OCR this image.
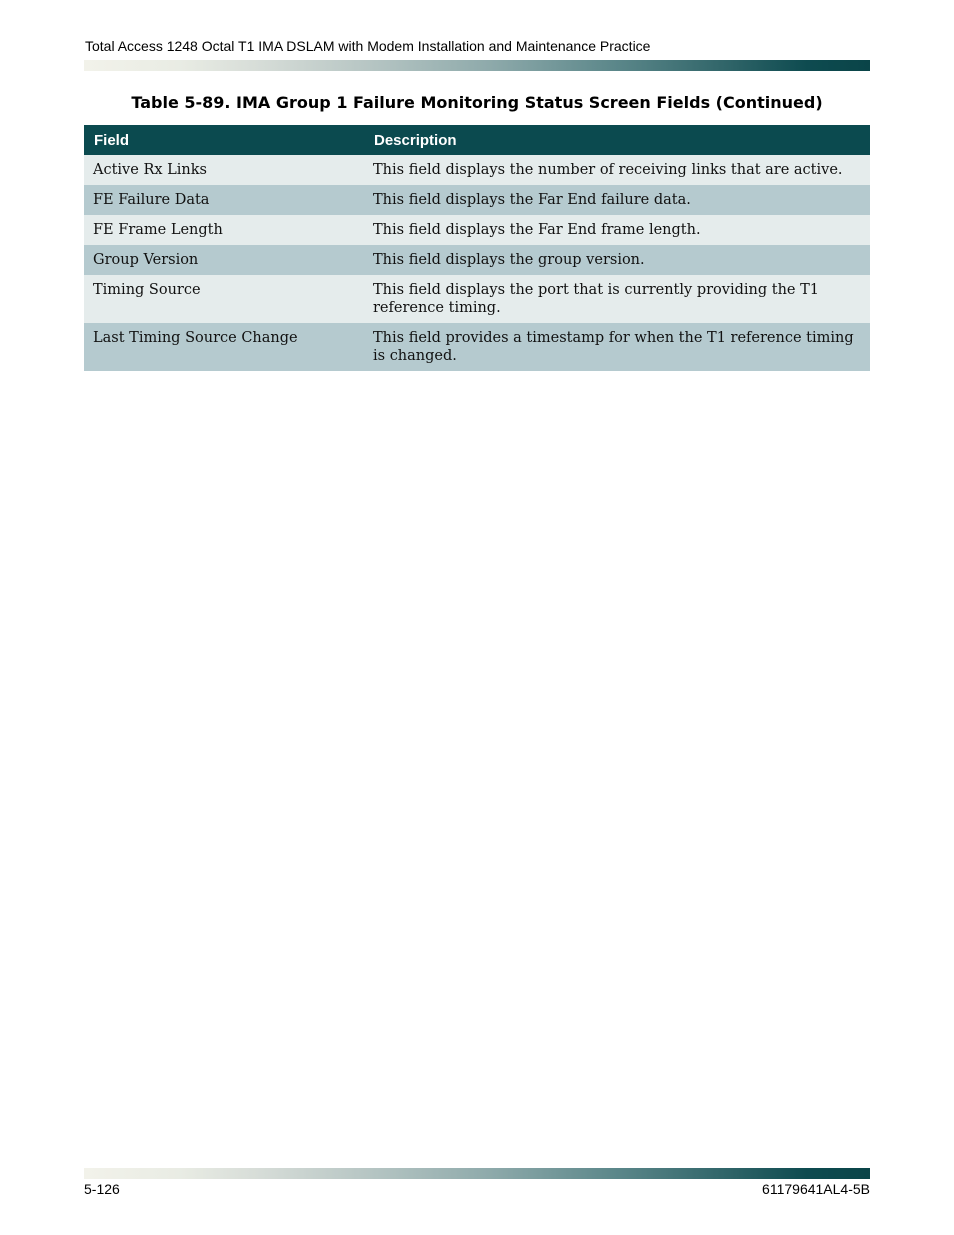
Total Access 1248 Octal T1 IMA DSLAM with Modem Installation and Maintenance Practice
Table 5-89. IMA Group 1 Failure Monitoring Status Screen Fields (Continued)
Field	Description
Active Rx Links	This field displays the number of receiving links that are active.
FE Failure Data	This field displays the Far End failure data.
FE Frame Length	This field displays the Far End frame length.
Group Version	This field displays the group version.
Timing Source	This field displays the port that is currently providing the T1 reference timing.
Last Timing Source Change	This field provides a timestamp for when the T1 reference timing is changed.
5-126	61179641AL4-5B
